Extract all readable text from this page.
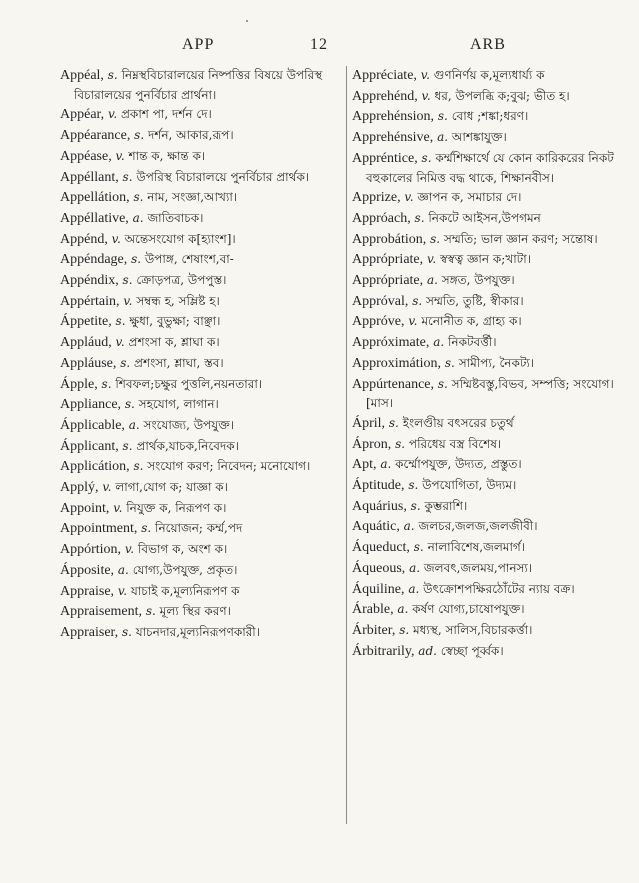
APP	12	ARB
Appéal, s. নিম্নস্থবিচারালয়ের নিষ্পত্তির বিষয়ে উপরিস্থ বিচারালয়ের পুনর্বিচার প্রার্থনা।
Appéar, v. প্রকাশ পা, দর্শন দে।
Appéarance, s. দর্শন, আকার,রূপ।
Appéase, v. শান্ত ক, ক্ষান্ত ক।
Appéllant, s. উপরিস্থ বিচারালয়ে পুনর্বিচার প্রার্থক।
Appellátion, s. নাম, সংজ্ঞা,আখ্যা।
Appéllative, a. জাতিবাচক।
Appénd, v. অন্তেসংযোগ ক[হ্যাংশ]।
Appéndage, s. উপাঙ্গ, শেষাংশ,বা-
Appéndix, s. ক্রোড়পত্র, উপপুস্ত।
Appértain, v. সম্বন্ধ হ, সম্লিষ্ট হ।
Áppetite, s. ক্ষুধা, বুভুক্ষা; বাঞ্ছা।
Appláud, v. প্রশংসা ক, শ্লাঘা ক।
Appláuse, s. প্রশংসা, শ্লাঘা, স্তব।
Ápple, s. শিবফল;চক্ষুর পুত্তলি,নয়নতারা।
Appliance, s. সহযোগ, লাগান।
Ápplicable, a. সংযোজ্য, উপযুক্ত।
Ápplicant, s. প্রার্থক,যাচক,নিবেদক।
Applicátion, s. সংযোগ করণ; নিবেদন; মনোযোগ।
Applý, v. লাগা,যোগ ক; যাজ্ঞা ক।
Appoint, v. নিযুক্ত ক, নিরূপণ ক।
Appointment, s. নিয়োজন; কর্ম্ম,পদ
Appórtion, v. বিভাগ ক, অংশ ক।
Ápposite, a. যোগ্য,উপযুক্ত, প্রকৃত।
Appraise, v. যাচাই ক,মূল্যনিরূপণ ক
Appraisement, s. মূল্য স্থির করণ।
Appraiser, s. যাচনদার,মূল্যনিরূপণকারী।
Appréciate, v. গুণনির্ণয় ক,মূল্যধার্য্য ক
Apprehénd, v. ধর, উপলব্ধি ক;বুঝ; ভীত হ।
Apprehénsion, s. বোধ ;শঙ্কা;ধরণ।
Apprehénsive, a. আশঙ্কাযুক্ত।
Appréntice, s. কর্ম্মশিক্ষার্থে যে কোন কারিকরের নিকট বহুকালের নিমিত্ত বদ্ধ থাকে, শিক্ষানবীস।
Apprize, v. জ্ঞাপন ক, সমাচার দে।
Appróach, s. নিকটে আইসন,উপগমন
Approbátion, s. সম্মতি; ভাল জ্ঞান করণ; সন্তোষ।
Apprópriate, v. স্বস্বত্ব জ্ঞান ক;খাটা।
Apprópriate, a. সঙ্গত, উপযুক্ত।
Appróval, s. সম্মতি, তুষ্টি, স্বীকার।
Appróve, v. মনোনীত ক, গ্রাহ্য ক।
Appróximate, a. নিকটবর্ত্তী।
Approximátion, s. সামীপ্য, নৈকট্য।
Appúrtenance, s. সম্মিষ্টবস্তু,বিভব, সম্পত্তি; সংযোগ। [মাস।
Ápril, s. ইংলণ্ডীয় বৎসরের চতুর্থ
Ápron, s. পরিধেয় বস্ত্র বিশেষ।
Apt, a. কর্ম্মোপযুক্ত, উদ্যত, প্রস্তুত।
Áptitude, s. উপযোগিতা, উদ্যম।
Aquárius, s. কুম্ভরাশি।
Aquátic, a. জলচর,জলজ,জলজীবী।
Áqueduct, s. নালাবিশেষ,জলমার্গ।
Áqueous, a. জলবৎ,জলময়,পানস্য।
Áquiline, a. উৎক্রোশপক্ষিরঠোঁটের ন্যায় বক্র।
Árable, a. কর্ষণ যোগ্য,চাষোপযুক্ত।
Árbiter, s. মধ্যস্থ, সালিস,বিচারকর্ত্তা।
Árbitrarily, ad. স্বেচ্ছা পূর্ব্বক।
